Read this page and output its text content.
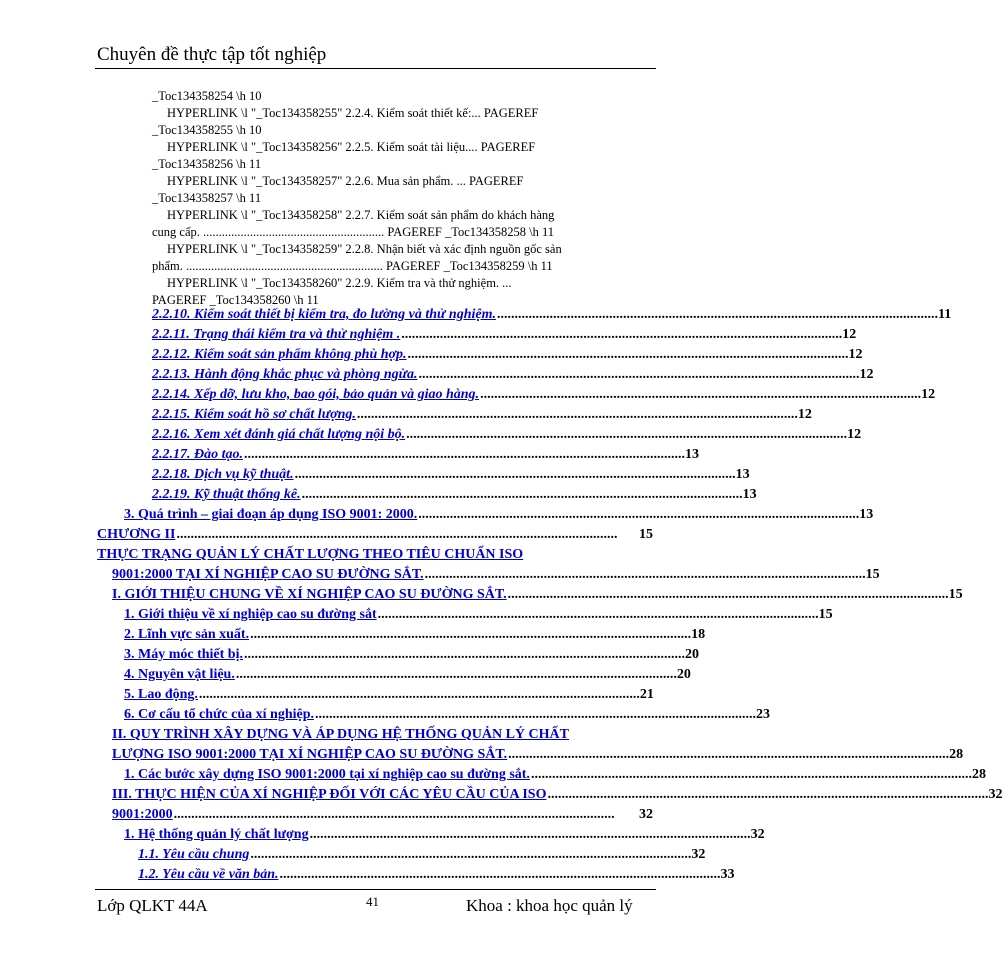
Chuyên đề thực tập tốt nghiệp
_Toc134358254 \h 10
HYPERLINK \l "_Toc134358255" 2.2.4. Kiểm soát thiết kế:... PAGEREF
_Toc134358255 \h 10
HYPERLINK \l "_Toc134358256" 2.2.5. Kiểm soát tài liệu.... PAGEREF
_Toc134358256 \h 11
HYPERLINK \l "_Toc134358257" 2.2.6. Mua sản phẩm. ... PAGEREF
_Toc134358257 \h 11
HYPERLINK \l "_Toc134358258" 2.2.7. Kiểm soát sản phẩm do khách hàng
cung cấp. .......................................................... PAGEREF _Toc134358258 \h 11
HYPERLINK \l "_Toc134358259" 2.2.8. Nhận biết và xác định nguồn gốc sản
phẩm. ............................................................... PAGEREF _Toc134358259 \h 11
HYPERLINK \l "_Toc134358260" 2.2.9. Kiểm tra và thử nghiệm. ...
PAGEREF _Toc134358260 \h 11
2.2.10. Kiểm soát thiết bị kiểm tra, đo lường và thử nghiệm. .............................................................................................................................. 11
2.2.11. Trạng thái kiểm tra và thử nghiệm . .............................................................................................................................. 12
2.2.12. Kiểm soát sản phẩm không phù hợp. .............................................................................................................................. 12
2.2.13. Hành động khắc phục và phòng ngừa. .............................................................................................................................. 12
2.2.14. Xếp dỡ, lưu kho, bao gói, bảo quản và giao hàng. .............................................................................................................................. 12
2.2.15. Kiểm soát hồ sơ chất lượng. .............................................................................................................................. 12
2.2.16. Xem xét đánh giá chất lượng nội bộ. .............................................................................................................................. 12
2.2.17. Đào tạo. .............................................................................................................................. 13
2.2.18. Dịch vụ kỹ thuật. .............................................................................................................................. 13
2.2.19. Kỹ thuật thống kê. .............................................................................................................................. 13
3. Quá trình – giai đoạn áp dụng ISO 9001: 2000. .............................................................................................................................. 13
CHƯƠNG II ..............................................................................................................................	15
THỰC TRẠNG QUẢN LÝ CHẤT LƯỢNG THEO TIÊU CHUẨN ISO
9001:2000 TẠI XÍ NGHIỆP CAO SU ĐƯỜNG SẮT. .............................................................................................................................. 15
I. GIỚI THIỆU CHUNG VỀ XÍ NGHIỆP CAO SU ĐƯỜNG SẮT. .............................................................................................................................. 15
1. Giới thiệu về xí nghiệp cao su đường sắt .............................................................................................................................. 15
2. Lĩnh vực sản xuất. .............................................................................................................................. 18
3. Máy móc thiết bị. .............................................................................................................................. 20
4. Nguyên vật liệu. .............................................................................................................................. 20
5. Lao động. .............................................................................................................................. 21
6. Cơ cấu tổ chức của xí nghiệp. .............................................................................................................................. 23
II. QUY TRÌNH XÂY DỰNG VÀ ÁP DỤNG HỆ THỐNG QUẢN LÝ CHẤT
LƯỢNG ISO 9001:2000 TẠI XÍ NGHIỆP CAO SU ĐƯỜNG SẮT. .............................................................................................................................. 28
1. Các bước xây dựng ISO 9001:2000 tại xí nghiệp cao su đường sắt. .............................................................................................................................. 28
III. THỰC HIỆN CỦA XÍ NGHIỆP ĐỐI VỚI CÁC YÊU CẦU CỦA ISO .............................................................................................................................. 32
9001:2000 ..............................................................................................................................	32
1. Hệ thống quản lý chất lượng .............................................................................................................................. 32
1.1. Yêu cầu chung .............................................................................................................................. 32
1.2. Yêu cầu về văn bản. .............................................................................................................................. 33
Lớp QLKT 44A	41	Khoa : khoa học quản lý
